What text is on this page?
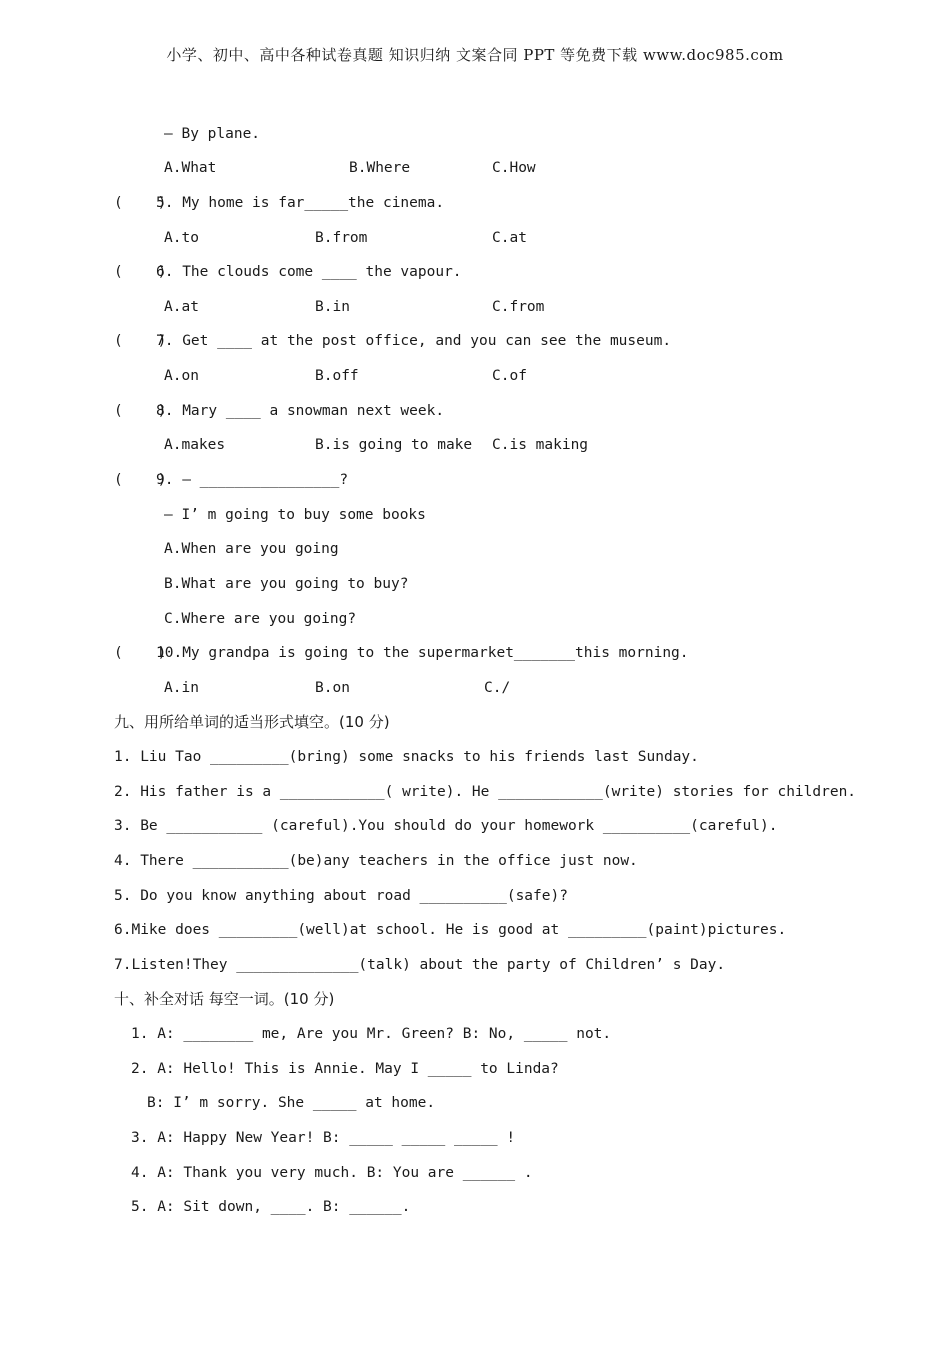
小学、初中、高中各种试卷真题 知识归纳 文案合同 PPT 等免费下载 www.doc985.com
— By plane.
A.What	B.Where	C.How
(    )
5. My home is far_____the cinema.
A.to	B.from	C.at
(    )
6. The clouds come ____ the vapour.
A.at	B.in	C.from
(    )
7. Get ____ at the post office, and you can see the museum.
A.on	B.off	C.of
(    )
8. Mary ____ a snowman next week.
A.makes	B.is going to make C.is making
(    )
9. — ________________?
— I’ m going to buy some books
A.When are you going
B.What are you going to buy?
C.Where are you going?
(    )
10.My grandpa is going to the supermarket_______this morning.
A.in	B.on	C./
九、用所给单词的适当形式填空。(10 分)
1. Liu Tao _________(bring) some snacks to his friends last Sunday.
2. His father is a ____________( write). He ____________(write) stories for children.
3. Be ___________ (careful).You should do your homework __________(careful).
4. There ___________(be)any teachers in the office just now.
5. Do you know anything about road __________(safe)?
6.Mike does _________(well)at school. He is good at _________(paint)pictures.
7.Listen!They ______________(talk) about the party of Children’ s Day.
十、补全对话 每空一词。(10 分)
1. A: ________ me, Are you Mr. Green? B: No, _____ not.
2. A: Hello! This is Annie. May I _____ to Linda?
B: I’ m sorry. She _____ at home.
3. A: Happy New Year! B: _____ _____ _____ !
4. A: Thank you very much. B: You are ______ .
5. A: Sit down, ____. B: ______.
